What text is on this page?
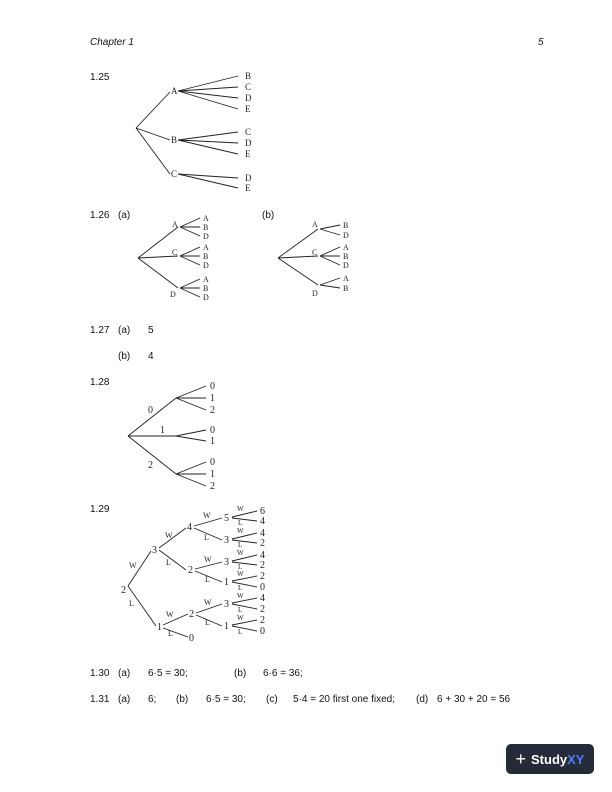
Chapter 1	5
1.25
A
B
C
B
C
D
E
C
D
E
D
E
1.26 (a)	(b)
A
C
D
A
B
D
A
B
D
A
B
D
A
C
D
B
D
A
B
D
A
B
1.27 (a) 5
(b) 4
1.28
0
1
2
0
1
2
0
1
0
1
2
1.29
2
W
L
3
1
W
L
W
L
4
2
2
0
W
L
W
L
W
L
5
3
3
1
3
1
W
L
W
L
W
L
W
L
W
L
W
L
6
4
4
2
4
2
2
0
4
2
2
0
1.30 (a) 6·5 = 30;	(b) 6·6 = 36;
1.31 (a) 6; (b) 6·5 = 30; (c) 5·4 = 20 first one fixed; (d) 6 + 30 + 20 = 56
+ StudyXY
